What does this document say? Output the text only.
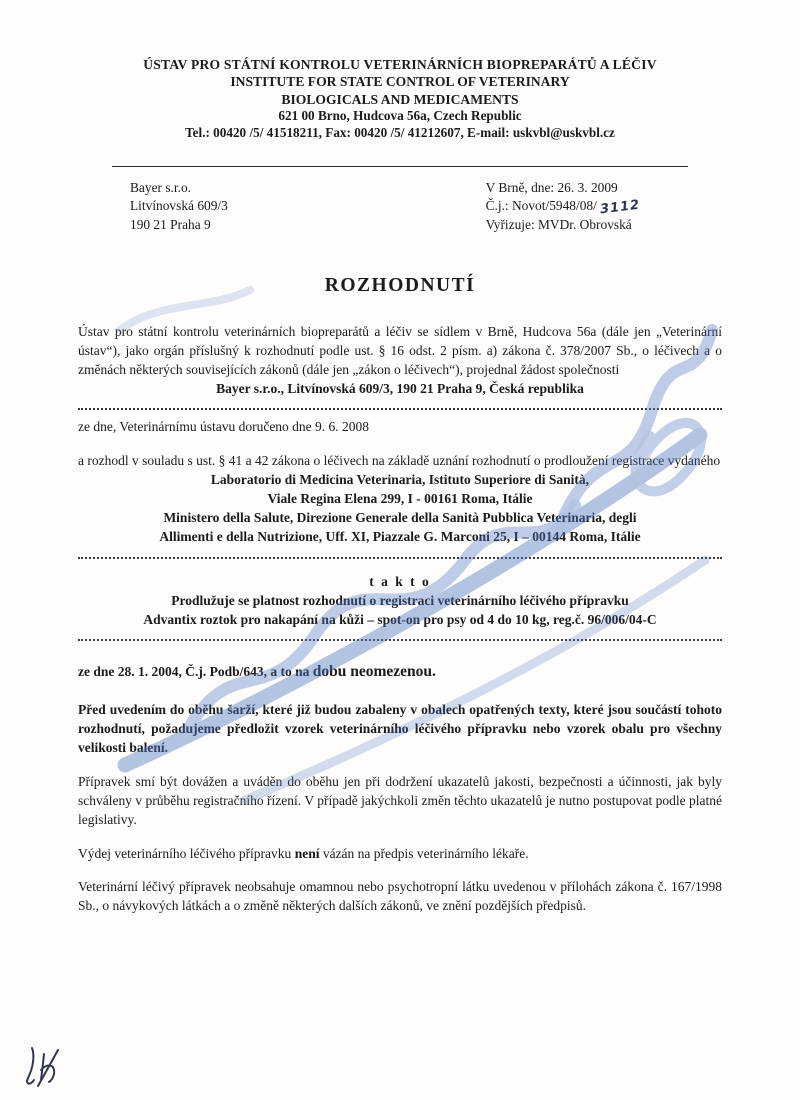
ÚSTAV PRO STÁTNÍ KONTROLU VETERINÁRNÍCH BIOPREPARÁTŮ A LÉČIV
INSTITUTE FOR STATE CONTROL OF VETERINARY
BIOLOGICALS AND MEDICAMENTS
621 00 Brno, Hudcova 56a, Czech Republic
Tel.: 00420 /5/ 41518211, Fax: 00420 /5/ 41212607, E-mail: uskvbl@uskvbl.cz
Bayer s.r.o.
Litvínovská 609/3
190 21 Praha 9
V Brně, dne: 26. 3. 2009
Č.j.: Novot/5948/08/ 3112
Vyřizuje: MVDr. Obrovská
ROZHODNUTÍ

Ústav pro státní kontrolu veterinárních biopreparátů a léčiv se sídlem v Brně, Hudcova 56a (dále jen „Veterinární ústav“), jako orgán příslušný k rozhodnutí podle ust. § 16 odst. 2 písm. a) zákona č. 378/2007 Sb., o léčivech a o změnách některých souvisejících zákonů (dále jen „zákon o léčivech“), projednal žádost společnosti

Bayer s.r.o., Litvínovská 609/3, 190 21 Praha 9, Česká republika

ze dne, Veterinárnímu ústavu doručeno dne 9. 6. 2008

a rozhodl v souladu s ust. § 41 a 42 zákona o léčivech na základě uznání rozhodnutí o prodloužení registrace vydaného

Laboratorio di Medicina Veterinaria, Istituto Superiore di Sanità,

Viale Regina Elena 299, I - 00161 Roma, Itálie

Ministero della Salute, Direzione Generale della Sanità Pubblica Veterinaria, degli

Allimenti e della Nutrizione, Uff. XI, Piazzale G. Marconi 25, I – 00144 Roma, Itálie

t a k t o

Prodlužuje se platnost rozhodnutí o registraci veterinárního léčivého přípravku

Advantix roztok pro nakapání na kůži – spot-on pro psy od 4 do 10 kg, reg.č. 96/006/04-C

ze dne 28. 1. 2004, Č.j. Podb/643, a to na dobu neomezenou.

Před uvedením do oběhu šarží, které již budou zabaleny v obalech opatřených texty, které jsou součástí tohoto rozhodnutí, požadujeme předložit vzorek veterinárního léčivého přípravku nebo vzorek obalu pro všechny velikosti balení.

Přípravek smí být dovážen a uváděn do oběhu jen při dodržení ukazatelů jakosti, bezpečnosti a účinnosti, jak byly schváleny v průběhu registračního řízení. V případě jakýchkoli změn těchto ukazatelů je nutno postupovat podle platné legislativy.

Výdej veterinárního léčivého přípravku není vázán na předpis veterinárního lékaře.

Veterinární léčivý přípravek neobsahuje omamnou nebo psychotropní látku uvedenou v přílohách zákona č. 167/1998 Sb., o návykových látkách a o změně některých dalších zákonů, ve znění pozdějších předpisů.
